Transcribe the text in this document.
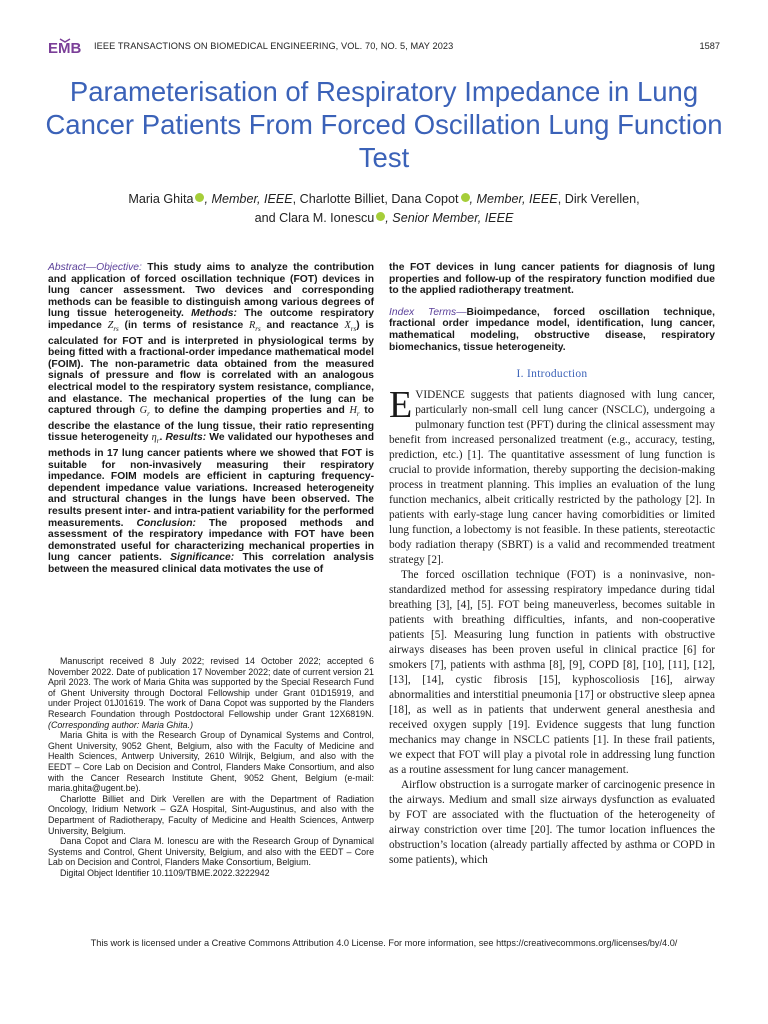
EMB IEEE TRANSACTIONS ON BIOMEDICAL ENGINEERING, VOL. 70, NO. 5, MAY 2023	1587
Parameterisation of Respiratory Impedance in Lung Cancer Patients From Forced Oscillation Lung Function Test
Maria Ghita , Member, IEEE, Charlotte Billiet, Dana Copot , Member, IEEE, Dirk Verellen,
and Clara M. Ionescu , Senior Member, IEEE
Abstract—Objective: This study aims to analyze the contribution and application of forced oscillation technique (FOT) devices in lung cancer assessment. Two devices and corresponding methods can be feasible to distinguish among various degrees of lung tissue heterogeneity. Methods: The outcome respiratory impedance $Z_{rs}$ (in terms of resistance $R_{rs}$ and reactance $X_{rs}$) is calculated for FOT and is interpreted in physiological terms by being fitted with a fractional-order impedance mathematical model (FOIM). The non-parametric data obtained from the measured signals of pressure and flow is correlated with an analogous electrical model to the respiratory system resistance, compliance, and elastance. The mechanical properties of the lung can be captured through $G_r$ to define the damping properties and $H_r$ to describe the elastance of the lung tissue, their ratio representing tissue heterogeneity $\eta_r$. Results: We validated our hypotheses and methods in 17 lung cancer patients where we showed that FOT is suitable for non-invasively measuring their respiratory impedance. FOIM models are efficient in capturing frequency-dependent impedance value variations. Increased heterogeneity and structural changes in the lungs have been observed. The results present inter- and intra-patient variability for the performed measurements. Conclusion: The proposed methods and assessment of the respiratory impedance with FOT have been demonstrated useful for characterizing mechanical properties in lung cancer patients. Significance: This correlation analysis between the measured clinical data motivates the use of

Manuscript received 8 July 2022; revised 14 October 2022; accepted 6 November 2022. Date of publication 17 November 2022; date of current version 21 April 2023. The work of Maria Ghita was supported by the Special Research Fund of Ghent University through Doctoral Fellowship under Grant 01D15919, and under Project 01J01619. The work of Dana Copot was supported by the Flanders Research Foundation through Postdoctoral Fellowship under Grant 12X6819N. (Corresponding author: Maria Ghita.)

Maria Ghita is with the Research Group of Dynamical Systems and Control, Ghent University, 9052 Ghent, Belgium, also with the Faculty of Medicine and Health Sciences, Antwerp University, 2610 Wilrijk, Belgium, and also with the EEDT – Core Lab on Decision and Control, Flanders Make Consortium, and also with the Cancer Research Institute Ghent, 9052 Ghent, Belgium (e-mail: maria.ghita@ugent.be).

Charlotte Billiet and Dirk Verellen are with the Department of Radiation Oncology, Iridium Network – GZA Hospital, Sint-Augustinus, and also with the Department of Radiotherapy, Faculty of Medicine and Health Sciences, Antwerp University, Belgium.

Dana Copot and Clara M. Ionescu are with the Research Group of Dynamical Systems and Control, Ghent University, Belgium, and also with the EEDT – Core Lab on Decision and Control, Flanders Make Consortium, Belgium.

Digital Object Identifier 10.1109/TBME.2022.3222942

the FOT devices in lung cancer patients for diagnosis of lung properties and follow-up of the respiratory function modified due to the applied radiotherapy treatment.

Index Terms—Bioimpedance, forced oscillation technique, fractional order impedance model, identification, lung cancer, mathematical modeling, obstructive disease, respiratory biomechanics, tissue heterogeneity.

I. Introduction

EVIDENCE suggests that patients diagnosed with lung cancer, particularly non-small cell lung cancer (NSCLC), undergoing a pulmonary function test (PFT) during the clinical assessment may benefit from increased personalized treatment (e.g., accuracy, testing, prediction, etc.) [1]. The quantitative assessment of lung function is crucial to provide information, thereby supporting the decision-making process in treatment planning. This implies an evaluation of the lung function mechanics, albeit critically restricted by the pathology [2]. In patients with early-stage lung cancer having comorbidities or limited lung function, a lobectomy is not feasible. In these patients, stereotactic body radiation therapy (SBRT) is a valid and recommended treatment strategy [2].

The forced oscillation technique (FOT) is a noninvasive, non-standardized method for assessing respiratory impedance during tidal breathing [3], [4], [5]. FOT being maneuverless, becomes suitable in patients with breathing difficulties, infants, and non-cooperative patients [5]. Measuring lung function in patients with obstructive airways diseases has been proven useful in clinical practice [6] for smokers [7], patients with asthma [8], [9], COPD [8], [10], [11], [12], [13], [14], cystic fibrosis [15], kyphoscoliosis [16], airway abnormalities and interstitial pneumonia [17] or obstructive sleep apnea [18], as well as in patients that underwent general anesthesia and received oxygen supply [19]. Evidence suggests that lung function mechanics may change in NSCLC patients [1]. In these frail patients, we expect that FOT will play a pivotal role in addressing lung function as a routine assessment for lung cancer management.

Airflow obstruction is a surrogate marker of carcinogenic presence in the airways. Medium and small size airways dysfunction as evaluated by FOT are associated with the fluctuation of the heterogeneity of airway constriction over time [20]. The tumor location influences the obstruction’s location (already partially affected by asthma or COPD in some patients), which

This work is licensed under a Creative Commons Attribution 4.0 License. For more information, see https://creativecommons.org/licenses/by/4.0/
